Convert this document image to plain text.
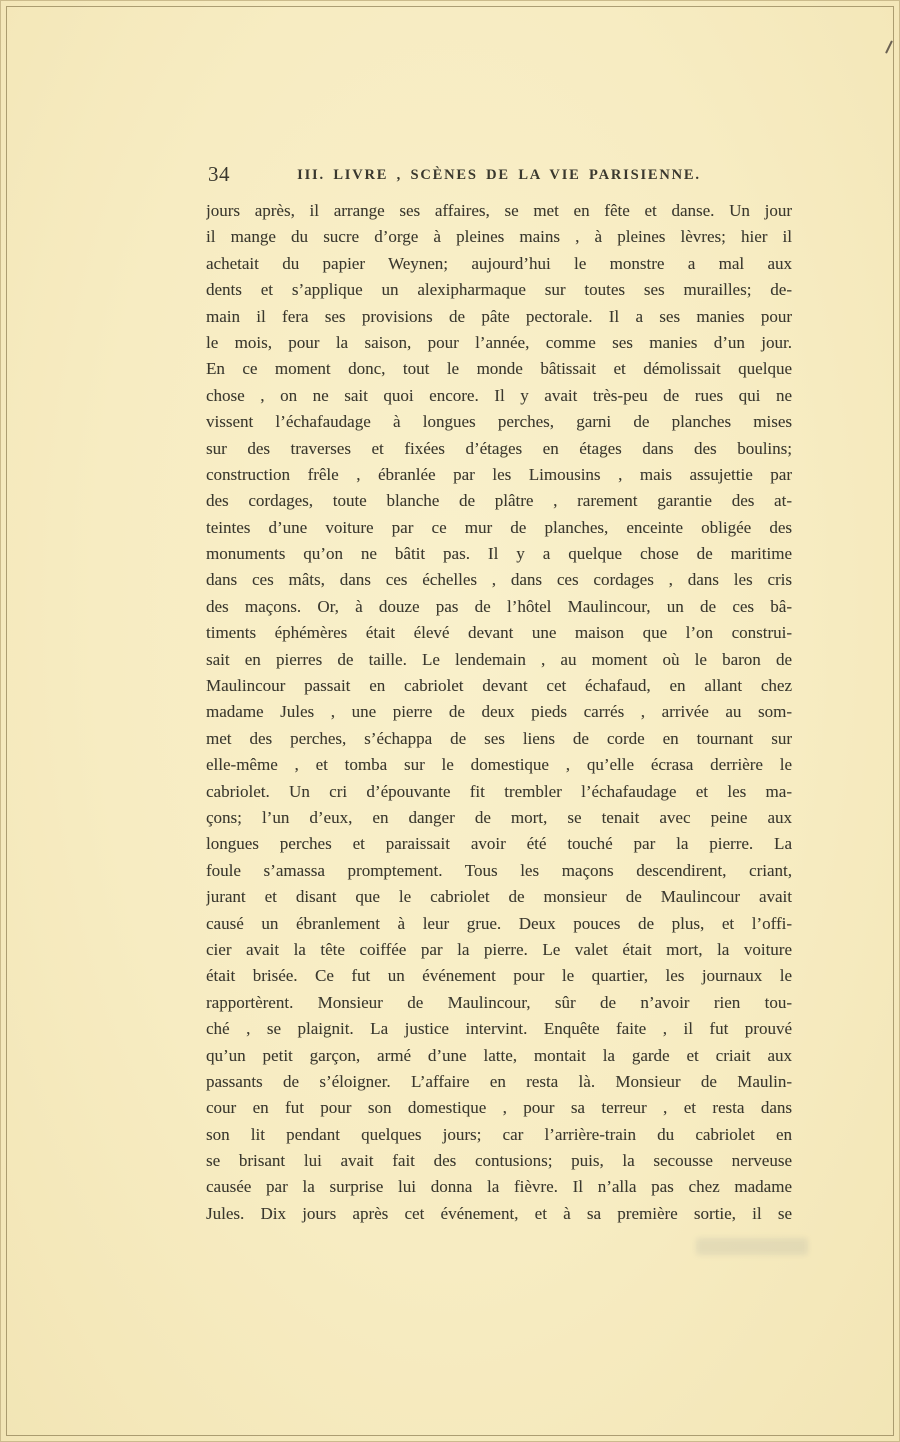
34	III. LIVRE , SCÈNES DE LA VIE PARISIENNE.
jours après, il arrange ses affaires, se met en fête et danse. Un jour
il mange du sucre d’orge à pleines mains , à pleines lèvres; hier il
achetait du papier Weynen; aujourd’hui le monstre a mal aux
dents et s’applique un alexipharmaque sur toutes ses murailles; de-
main il fera ses provisions de pâte pectorale. Il a ses manies pour
le mois, pour la saison, pour l’année, comme ses manies d’un jour.
En ce moment donc, tout le monde bâtissait et démolissait quelque
chose , on ne sait quoi encore. Il y avait très-peu de rues qui ne
vissent l’échafaudage à longues perches, garni de planches mises
sur des traverses et fixées d’étages en étages dans des boulins;
construction frêle , ébranlée par les Limousins , mais assujettie par
des cordages, toute blanche de plâtre , rarement garantie des at-
teintes d’une voiture par ce mur de planches, enceinte obligée des
monuments qu’on ne bâtit pas. Il y a quelque chose de maritime
dans ces mâts, dans ces échelles , dans ces cordages , dans les cris
des maçons. Or, à douze pas de l’hôtel Maulincour, un de ces bâ-
timents éphémères était élevé devant une maison que l’on construi-
sait en pierres de taille. Le lendemain , au moment où le baron de
Maulincour passait en cabriolet devant cet échafaud, en allant chez
madame Jules , une pierre de deux pieds carrés , arrivée au som-
met des perches, s’échappa de ses liens de corde en tournant sur
elle-même , et tomba sur le domestique , qu’elle écrasa derrière le
cabriolet. Un cri d’épouvante fit trembler l’échafaudage et les ma-
çons; l’un d’eux, en danger de mort, se tenait avec peine aux
longues perches et paraissait avoir été touché par la pierre. La
foule s’amassa promptement. Tous les maçons descendirent, criant,
jurant et disant que le cabriolet de monsieur de Maulincour avait
causé un ébranlement à leur grue. Deux pouces de plus, et l’offi-
cier avait la tête coiffée par la pierre. Le valet était mort, la voiture
était brisée. Ce fut un événement pour le quartier, les journaux le
rapportèrent. Monsieur de Maulincour, sûr de n’avoir rien tou-
ché , se plaignit. La justice intervint. Enquête faite , il fut prouvé
qu’un petit garçon, armé d’une latte, montait la garde et criait aux
passants de s’éloigner. L’affaire en resta là. Monsieur de Maulin-
cour en fut pour son domestique , pour sa terreur , et resta dans
son lit pendant quelques jours; car l’arrière-train du cabriolet en
se brisant lui avait fait des contusions; puis, la secousse nerveuse
causée par la surprise lui donna la fièvre. Il n’alla pas chez madame
Jules. Dix jours après cet événement, et à sa première sortie, il se
